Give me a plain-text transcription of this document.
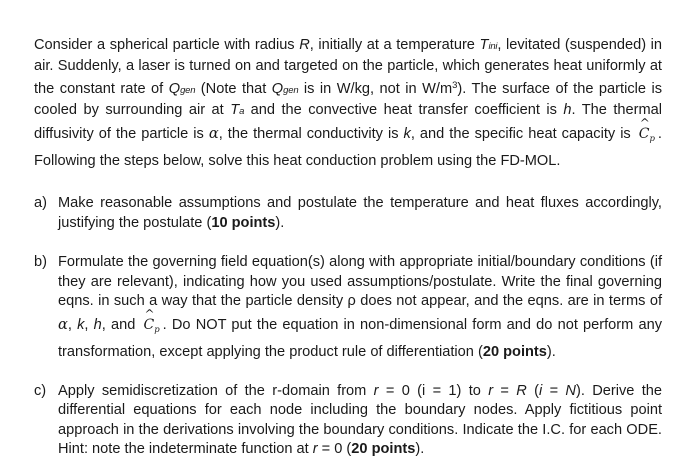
Consider a spherical particle with radius R, initially at a temperature Tini, levitated (suspended) in air. Suddenly, a laser is turned on and targeted on the particle, which generates heat uniformly at the constant rate of Qgen (Note that Qgen is in W/kg, not in $W/m^3$). The surface of the particle is cooled by surrounding air at Ta and the convective heat transfer coefficient is h. The thermal diffusivity of the particle is α, the thermal conductivity is k, and the specific heat capacity is
^
$C_p$ . Following the steps below, solve this heat conduction problem using the FD-MOL.

a) Make reasonable assumptions and postulate the temperature and heat fluxes accordingly, justifying the postulate (10 points).
b) Formulate the governing field equation(s) along with appropriate initial/boundary conditions (if they are relevant), indicating how you used assumptions/postulate. Write the final governing eqns. in such a way that the particle density ρ does not appear, and the eqns. are in terms of α, k, h, and
^
$C_p$ . Do NOT put the equation in non-dimensional form and do not perform any transformation, except applying the product rule of differentiation (20 points).
c) Apply semidiscretization of the r-domain from r = 0 (i = 1) to r = R (i = N). Derive the differential equations for each node including the boundary nodes. Apply fictitious point approach in the derivations involving the boundary conditions. Indicate the I.C. for each ODE. Hint: note the indeterminate function at r = 0 (20 points).
